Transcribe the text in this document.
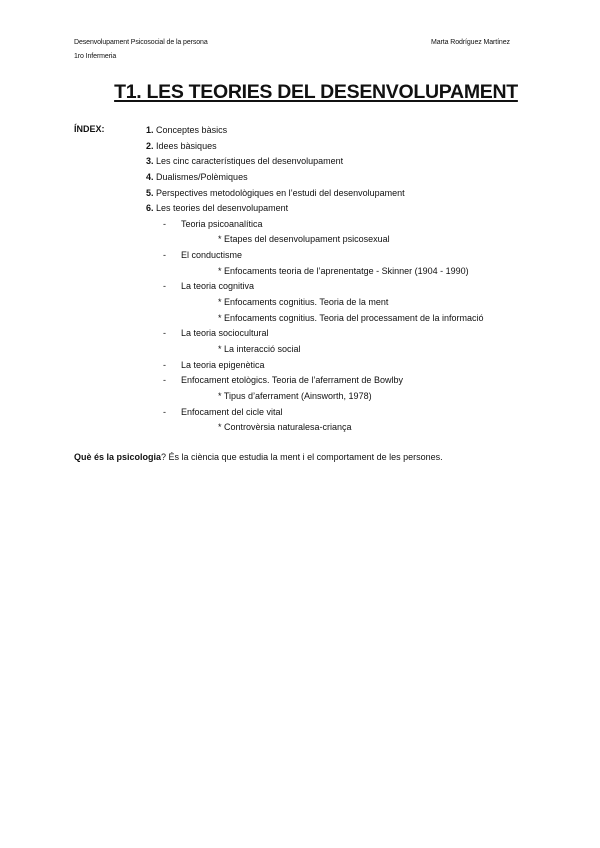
Desenvolupament Psicosocial de la persona
1ro Infermeria
Marta Rodríguez Martínez
T1. LES TEORIES DEL DESENVOLUPAMENT
ÍNDEX:	1. Conceptes bàsics
2. Idees bàsiques
3. Les cinc característiques del desenvolupament
4. Dualismes/Polèmiques
5. Perspectives metodològiques en l’estudi del desenvolupament
6. Les teories del desenvolupament
- Teoria psicoanalítica
* Etapes del desenvolupament psicosexual
- El conductisme
* Enfocaments teoria de l’aprenentatge - Skinner (1904 - 1990)
- La teoria cognitiva
* Enfocaments cognitius. Teoria de la ment
* Enfocaments cognitius. Teoria del processament de la informació
- La teoria sociocultural
* La interacció social
- La teoria epigenètica
- Enfocament etològics. Teoria de l’aferrament de Bowlby
* Tipus d’aferrament (Ainsworth, 1978)
- Enfocament del cicle vital
* Controvèrsia naturalesa-criança
Què és la psicologia? És la ciència que estudia la ment i el comportament de les persones.
